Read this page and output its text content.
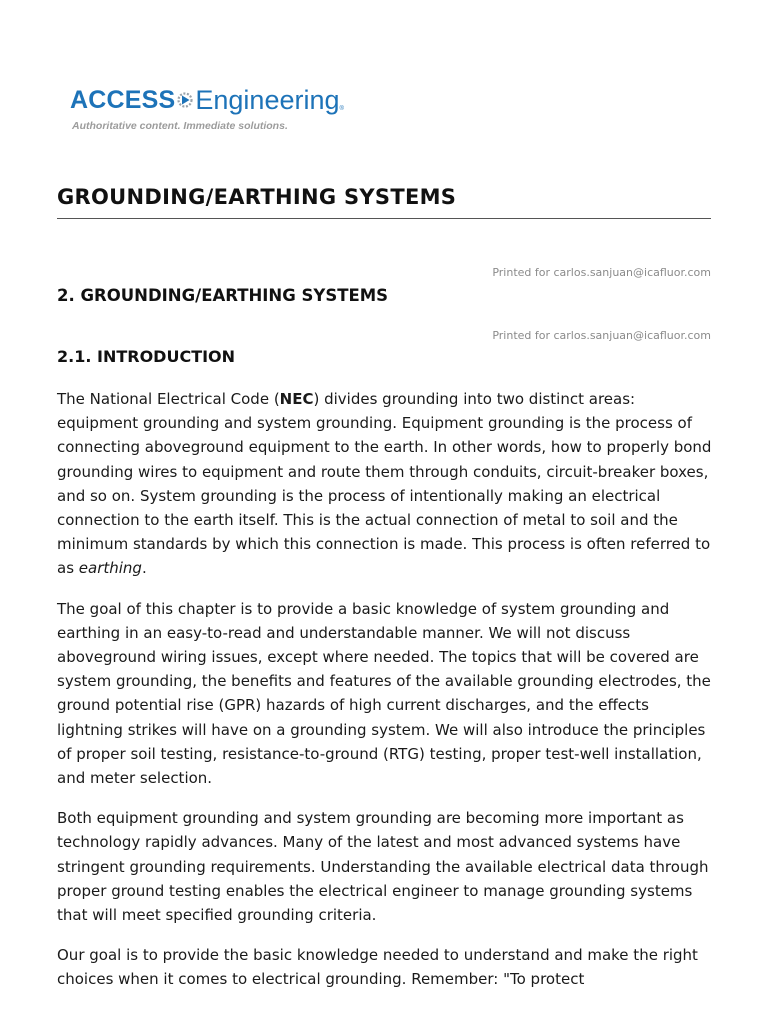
ACCESS Engineering ®
Authoritative content. Immediate solutions.
GROUNDING/EARTHING SYSTEMS
Printed for carlos.sanjuan@icafluor.com
2. GROUNDING/EARTHING SYSTEMS
Printed for carlos.sanjuan@icafluor.com
2.1. INTRODUCTION

The National Electrical Code (NEC) divides grounding into two distinct areas: equipment grounding and system grounding. Equipment grounding is the process of connecting aboveground equipment to the earth. In other words, how to properly bond grounding wires to equipment and route them through conduits, circuit-breaker boxes, and so on. System grounding is the process of intentionally making an electrical connection to the earth itself. This is the actual connection of metal to soil and the minimum standards by which this connection is made. This process is often referred to as earthing.

The goal of this chapter is to provide a basic knowledge of system grounding and earthing in an easy-to-read and understandable manner. We will not discuss aboveground wiring issues, except where needed. The topics that will be covered are system grounding, the benefits and features of the available grounding electrodes, the ground potential rise (GPR) hazards of high current discharges, and the effects lightning strikes will have on a grounding system. We will also introduce the principles of proper soil testing, resistance-to-ground (RTG) testing, proper test-well installation, and meter selection.

Both equipment grounding and system grounding are becoming more important as technology rapidly advances. Many of the latest and most advanced systems have stringent grounding requirements. Understanding the available electrical data through proper ground testing enables the electrical engineer to manage grounding systems that will meet specified grounding criteria.

Our goal is to provide the basic knowledge needed to understand and make the right choices when it comes to electrical grounding. Remember: "To protect
